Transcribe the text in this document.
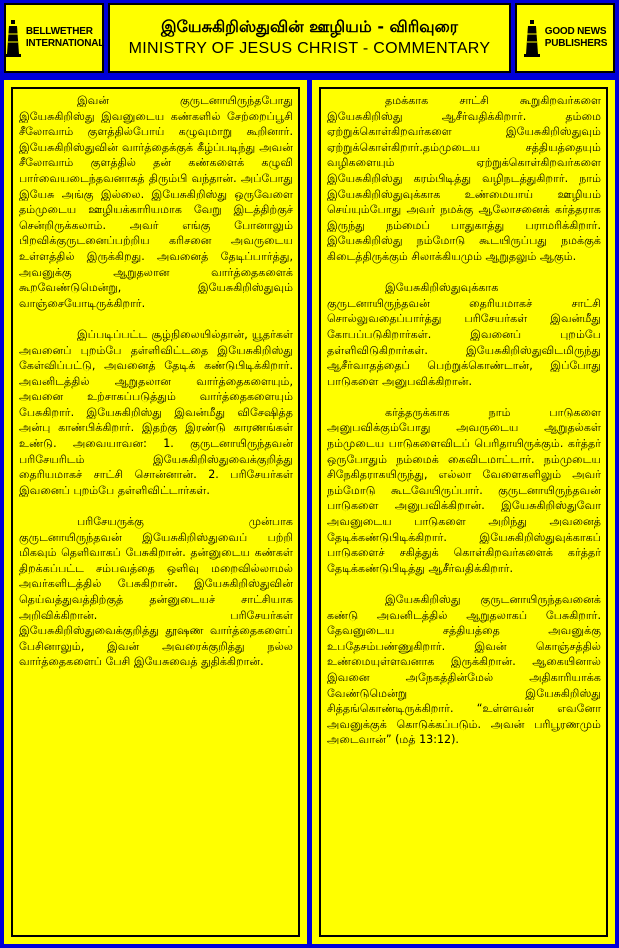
BELLWETHER
INTERNATIONAL
இயேசுகிறிஸ்துவின் ஊழியம் - விரிவுரை
MINISTRY OF JESUS CHRIST - COMMENTARY
GOOD NEWS
PUBLISHERS

இவன் குருடனாயிருந்தபோது இயேசுகிறிஸ்து இவனுடைய கண்களில் சேற்றைப்பூசி சீலோவாம் குளத்தில்போய் கழுவுமாறு கூறினார். இயேசுகிறிஸ்துவின் வார்த்தைக்குக் கீழ்ப்படிந்து அவன் சீலோவாம் குளத்தில் தன் கண்களைக் கழுவி பார்வையடைந்தவனாகத் திரும்பி வந்தான். அப்போது இயேசு அங்கு இல்லை. இயேசுகிறிஸ்து ஒருவேளை தம்முடைய ஊழியக்காரியமாக வேறு இடத்திற்குச் சென்றிருக்கலாம். அவர் எங்கு போனாலும் பிறவிக்குருடனைப்பற்றிய கரிசனை அவருடைய உள்ளத்தில் இருக்கிறது. அவனைத் தேடிப்பார்த்து, அவனுக்கு ஆறுதலான வார்த்தைகளைக் கூறவேண்டுமென்று, இயேசுகிறிஸ்துவும் வாஞ்சையோடிருக்கிறார்.

இப்படிப்பட்ட சூழ்நிலையில்தான், யூதர்கள் அவனைப் புறம்பே தள்ளிவிட்டதை இயேசுகிறிஸ்து கேள்விப்பட்டு, அவனைத் தேடிக் கண்டுபிடிக்கிறார். அவனிடத்தில் ஆறுதலான வார்த்தைகளையும், அவனை உற்சாகப்படுத்தும் வார்த்தைகளையும் பேசுகிறார். இயேசுகிறிஸ்து இவன்மீது விசேஷித்த அன்பு காண்பிக்கிறார். இதற்கு இரண்டு காரணங்கள் உண்டு. அவையாவன: 1. குருடனாயிருந்தவன் பரிசேயரிடம் இயேசுகிறிஸ்துவைக்குறித்து தைரியமாகச் சாட்சி சொன்னான். 2. பரிசேயர்கள் இவனைப் புறம்பே தள்ளிவிட்டார்கள்.

பரிசேயருக்கு முன்பாக குருடனாயிருந்தவன் இயேசுகிறிஸ்துவைப் பற்றி மிகவும் தெளிவாகப் பேசுகிறான். தன்னுடைய கண்கள் திறக்கப்பட்ட சம்பவத்தை ஒளிவு மறைவில்லாமல் அவர்களிடத்தில் பேசுகிறான். இயேசுகிறிஸ்துவின் தெய்வத்துவத்திற்குத் தன்னுடையச் சாட்சியாக அறிவிக்கிறான். பரிசேயர்கள் இயேசுகிறிஸ்துவைக்குறித்து தூஷண வார்த்தைகளைப் பேசினாலும், இவன் அவரைக்குறித்து நல்ல வார்த்தைகளைப் பேசி இயேசுவைத் துதிக்கிறான்.

தமக்காக சாட்சி கூறுகிறவர்களை இயேசுகிறிஸ்து ஆசீர்வதிக்கிறார். தம்மை ஏற்றுக்கொள்கிறவர்களை இயேசுகிறிஸ்துவும் ஏற்றுக்கொள்கிறார்.தம்முடைய சத்தியத்தையும் வழிகளையும் ஏற்றுக்கொள்கிறவர்களை இயேசுகிறிஸ்து கரம்பிடித்து வழிநடத்துகிறார். நாம் இயேசுகிறிஸ்துவுக்காக உண்மையாய் ஊழியம் செய்யும்போது அவர் நமக்கு ஆலோசனைக் கர்த்தராக இருந்து நம்மைப் பாதுகாத்து பராமரிக்கிறார். இயேசுகிறிஸ்து நம்மோடு கூடயிருப்பது நமக்குக் கிடைத்திருக்கும் சிலாக்கியமும் ஆறுதலும் ஆகும்.

இயேசுகிறிஸ்துவுக்காக குருடனாயிருந்தவன் தைரியமாகச் சாட்சி சொல்லுவதைப்பார்த்து பரிசேயர்கள் இவன்மீது கோபப்படுகிறார்கள். இவனைப் புறம்பே தள்ளிவிடுகிறார்கள். இயேசுகிறிஸ்துவிடமிருந்து ஆசீர்வாதத்தைப் பெற்றுக்கொண்டான், இப்போது பாடுகளை அனுபவிக்கிறான்.

கர்த்தருக்காக நாம் பாடுகளை அனுபவிக்கும்போது அவருடைய ஆறுதல்கள் நம்முடைய பாடுகளைவிடப் பெரிதாயிருக்கும். கர்த்தர் ஒருபோதும் நம்மைக் கைவிடமாட்டார். நம்முடைய சிநேகிதராகயிருந்து, எல்லா வேளைகளிலும் அவர் நம்மோடு கூடவேயிருப்பார். குருடனாயிருந்தவன் பாடுகளை அனுபவிக்கிறான். இயேசுகிறிஸ்துவோ அவனுடைய பாடுகளை அறிந்து அவனைத் தேடிக்கண்டுபிடிக்கிறார். இயேசுகிறிஸ்துவுக்காகப் பாடுகளைச் சகித்துக் கொள்கிறவர்களைக் கர்த்தர் தேடிக்கண்டுபிடித்து ஆசீர்வதிக்கிறார்.

இயேசுகிறிஸ்து குருடனாயிருந்தவனைக் கண்டு அவனிடத்தில் ஆறுதலாகப் பேசுகிறார். தேவனுடைய சத்தியத்தை அவனுக்கு உபதேசம்பண்ணுகிறார். இவன் கொஞ்சத்தில் உண்மையுள்ளவனாக இருக்கிறான். ஆகையினால் இவனை அநேகத்தின்மேல் அதிகாரியாக்க வேண்டுமென்று இயேசுகிறிஸ்து சித்தங்கொண்டிருக்கிறார். “உள்ளவன் எவனோ அவனுக்குக் கொடுக்கப்படும். அவன் பரிபூரணமும் அடைவான்” (மத் 13:12).
